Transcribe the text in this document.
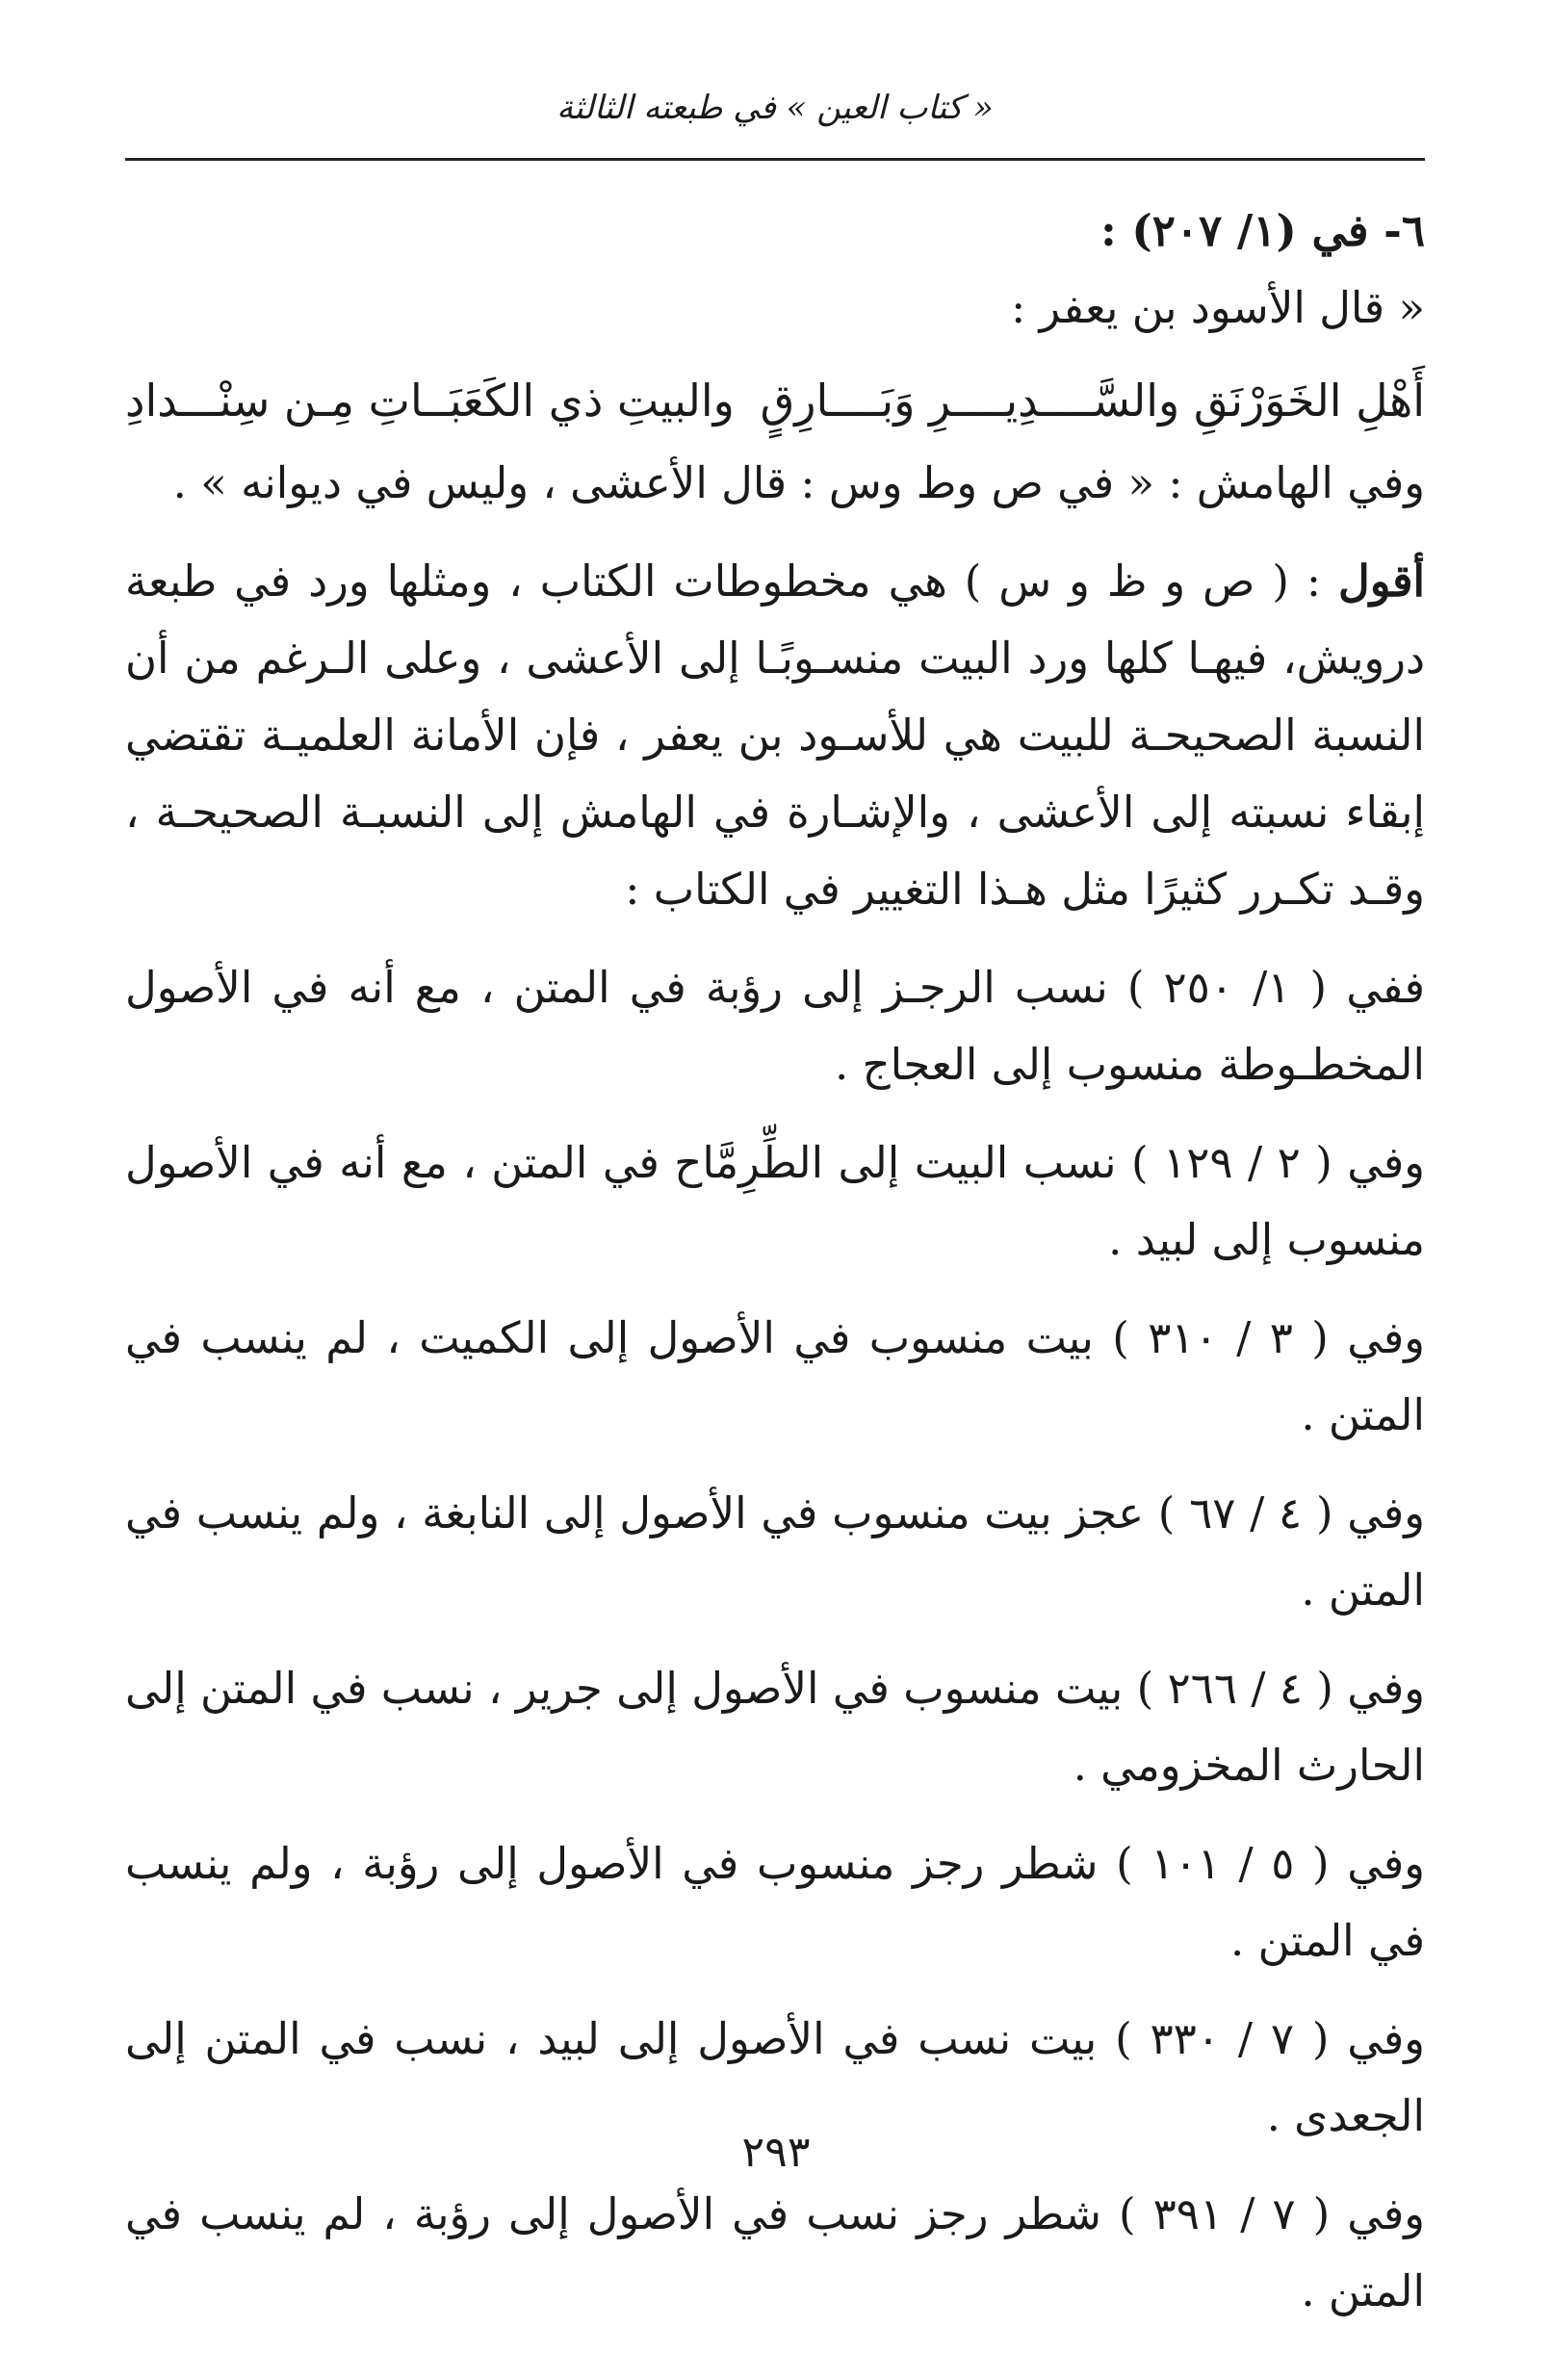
« كتاب العين » في طبعته الثالثة

٦- في (١/ ٢٠٧) :

« قال الأسود بن يعفر :

أَهْلِ الخَوَرْنَقِ والسَّــــدِيــــرِ وَبَــــارِقٍ
والبيتِ ذي الكَعَبَــاتِ مِـن سِنْـــدادِ

وفي الهامش : « في ص وط وس : قال الأعشى ، وليس في ديوانه » .

أقول : ( ص و ظ و س ) هي مخطوطات الكتاب ، ومثلها ورد في طبعة درويش، فيهـا كلها ورد البيت منسـوبًـا إلى الأعشى ، وعلى الـرغم من أن النسبة الصحيحـة للبيت هي للأسـود بن يعفر ، فإن الأمانة العلميـة تقتضي إبقاء نسبته إلى الأعشى ، والإشـارة في الهامش إلى النسبـة الصحيحـة ، وقـد تكـرر كثيرًا مثل هـذا التغيير في الكتاب :

ففي ( ١/ ٢٥٠ ) نسب الرجـز إلى رؤبة في المتن ، مع أنه في الأصول المخطـوطة منسوب إلى العجاج .

وفي ( ٢ / ١٢٩ ) نسب البيت إلى الطِّرِمَّاح في المتن ، مع أنه في الأصول منسوب إلى لبيد .

وفي ( ٣ / ٣١٠ ) بيت منسوب في الأصول إلى الكميت ، لم ينسب في المتن .

وفي ( ٤ / ٦٧ ) عجز بيت منسوب في الأصول إلى النابغة ، ولم ينسب في المتن .

وفي ( ٤ / ٢٦٦ ) بيت منسوب في الأصول إلى جرير ، نسب في المتن إلى الحارث المخزومي .

وفي ( ٥ / ١٠١ ) شطر رجز منسوب في الأصول إلى رؤبة ، ولم ينسب في المتن .

وفي ( ٧ / ٣٣٠ ) بيت نسب في الأصول إلى لبيد ، نسب في المتن إلى الجعدى .

وفي ( ٧ / ٣٩١ ) شطر رجز نسب في الأصول إلى رؤبة ، لم ينسب في المتن .

٢٩٣
